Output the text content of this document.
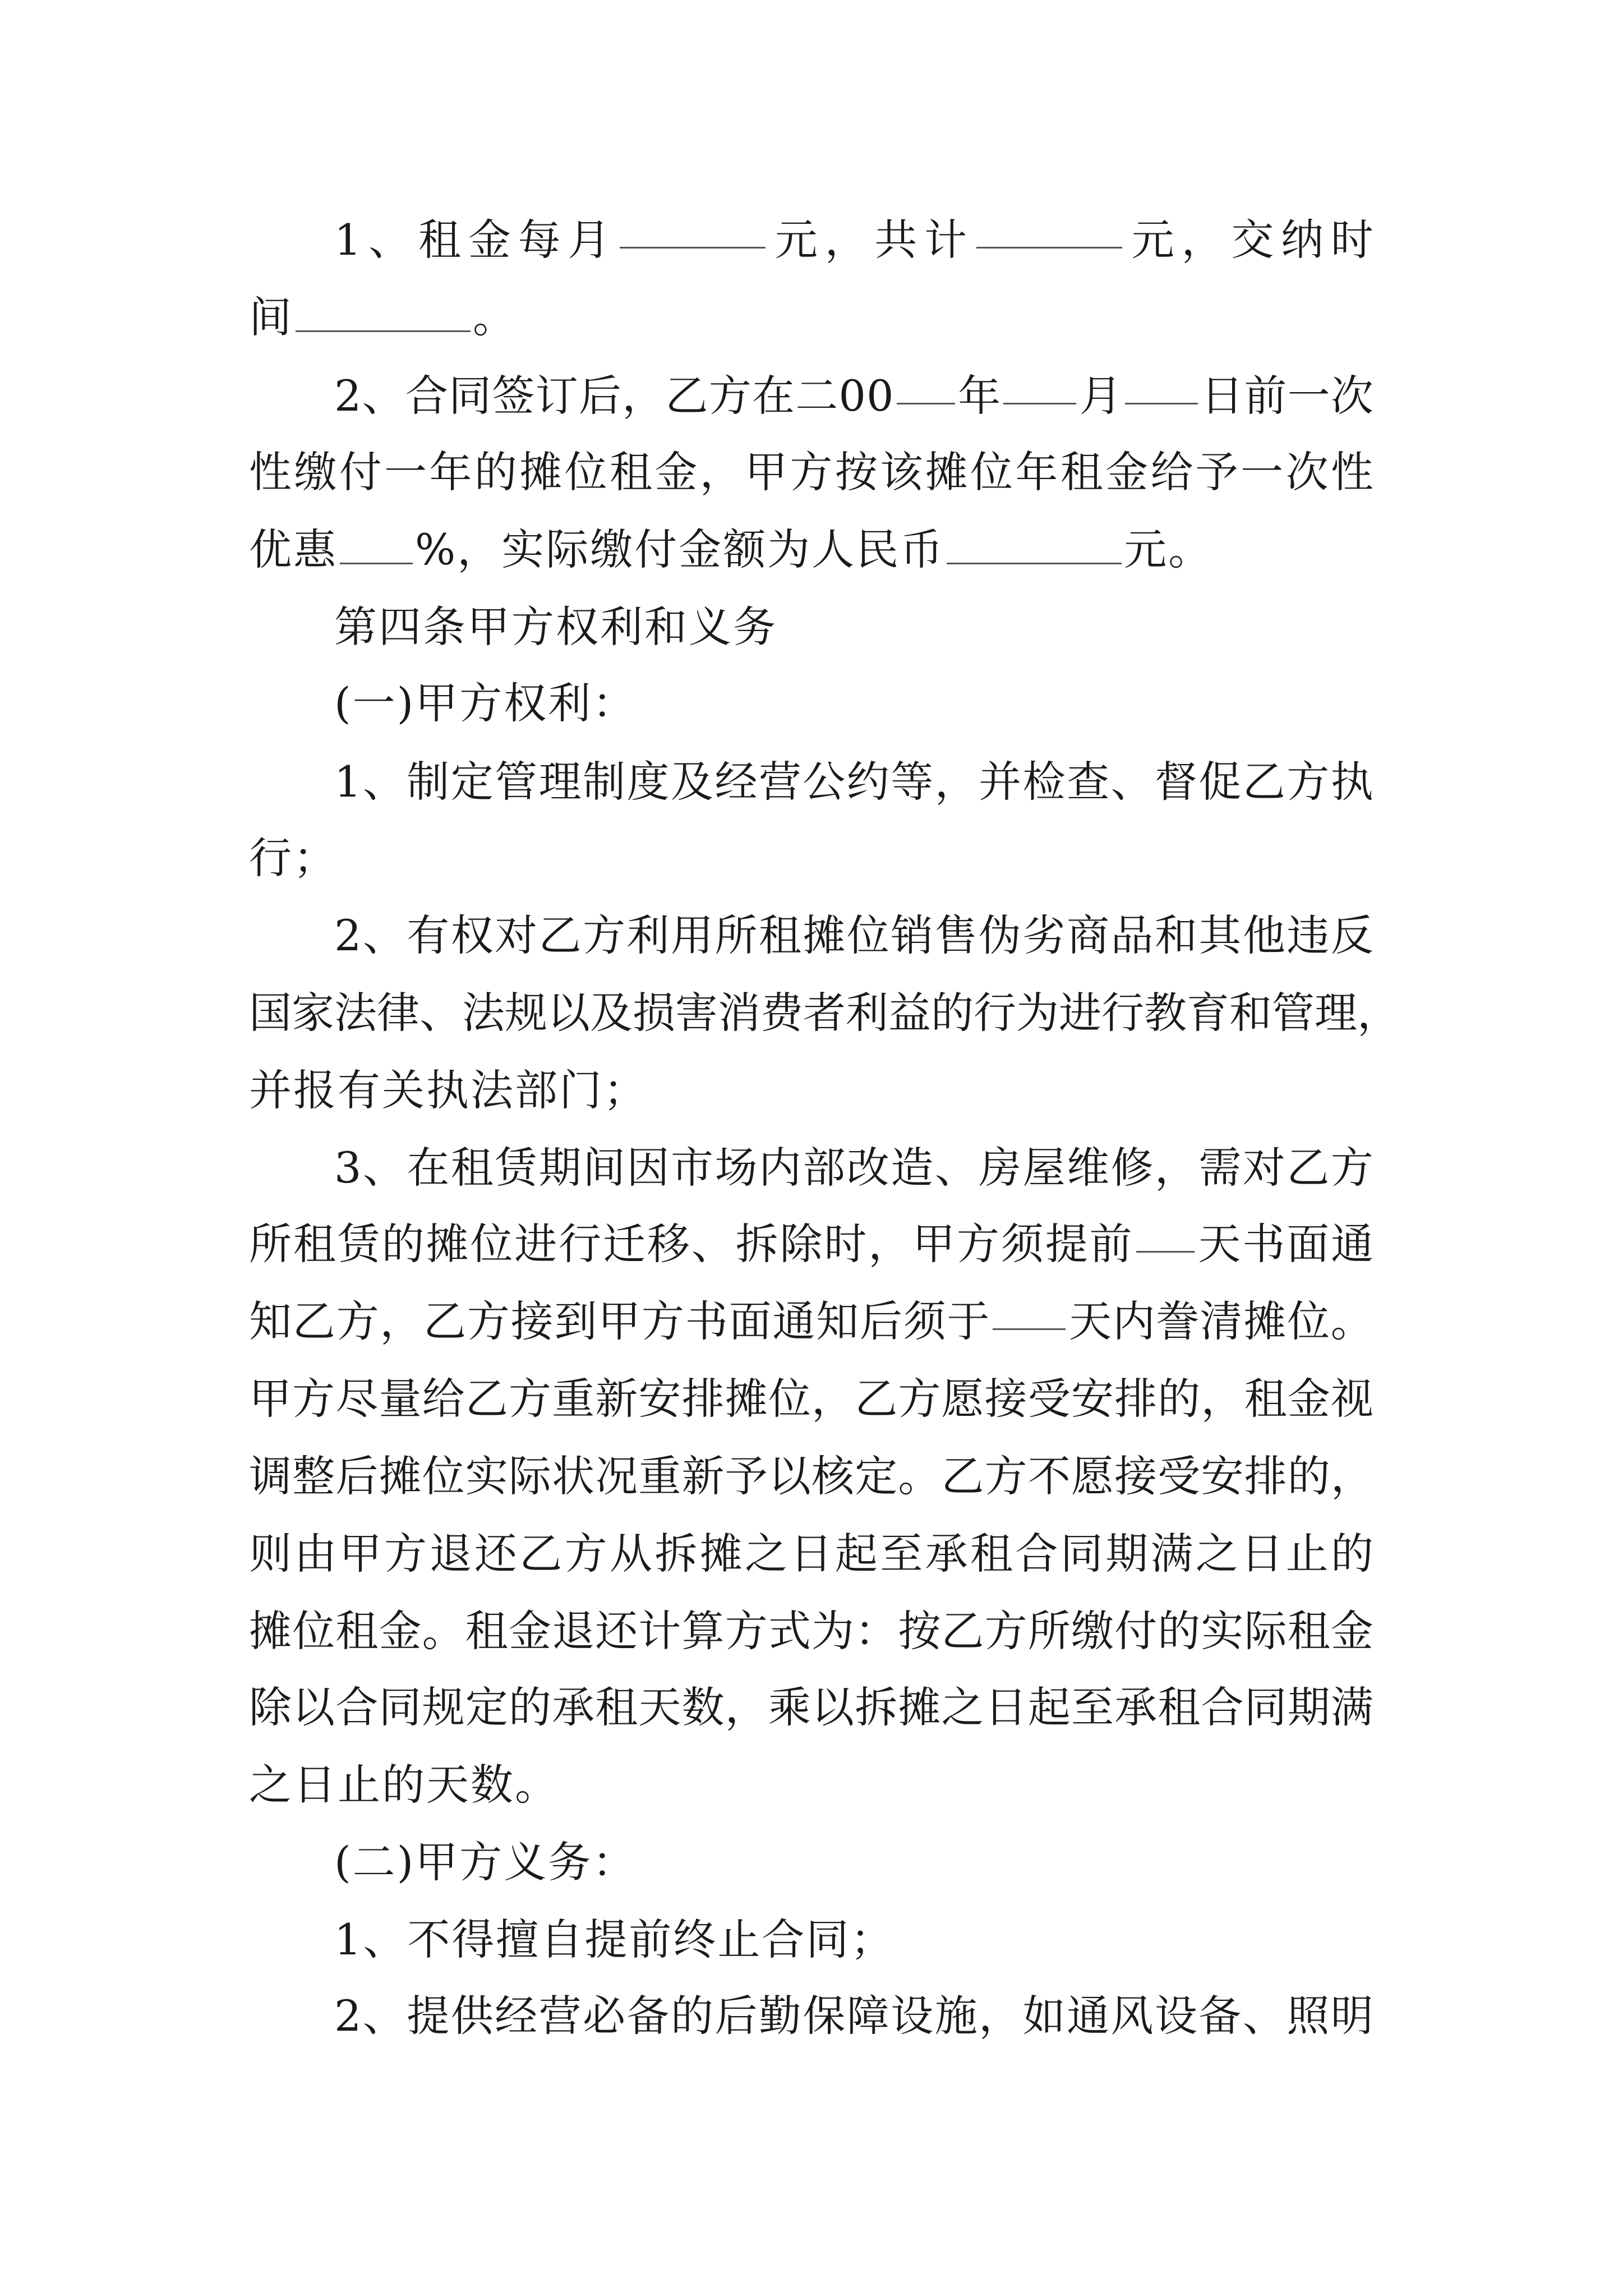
1 、 租 金 每 月	元 ， 共 计	元 ， 交 纳 时
间	。
2 、 合 同 签 订 后 ， 乙 方 在 二 0 0 年 月 日 前 一 次
性 缴 付 一 年 的 摊 位 租 金 ， 甲 方 按 该 摊 位 年 租 金 给 予 一 次 性
优惠 %，实际缴付金额为人民币	元。
第四条甲方权利和义务
(一)甲方权利：
1 、 制 定 管 理 制 度 及 经 营 公 约 等 ， 并 检 查 、 督 促 乙 方 执
行；
2 、 有 权 对 乙 方 利 用 所 租 摊 位 销 售 伪 劣 商 品 和 其 他 违 反
国 家 法 律 、 法 规 以 及 损 害 消 费 者 利 益 的 行 为 进 行 教 育 和 管 理 ，
并报有关执法部门；
3 、 在 租 赁 期 间 因 市 场 内 部 改 造 、 房 屋 维 修 ， 需 对 乙 方
所 租 赁 的 摊 位 进 行 迁 移 、 拆 除 时 ， 甲 方 须 提 前 天 书 面 通
知 乙 方 ， 乙 方 接 到 甲 方 书 面 通 知 后 须 于 天 内 誊 清 摊 位 。
甲 方 尽 量 给 乙 方 重 新 安 排 摊 位 ， 乙 方 愿 接 受 安 排 的 ， 租 金 视
调 整 后 摊 位 实 际 状 况 重 新 予 以 核 定 。 乙 方 不 愿 接 受 安 排 的 ，
则 由 甲 方 退 还 乙 方 从 拆 摊 之 日 起 至 承 租 合 同 期 满 之 日 止 的
摊 位 租 金 。 租 金 退 还 计 算 方 式 为 ： 按 乙 方 所 缴 付 的 实 际 租 金
除 以 合 同 规 定 的 承 租 天 数 ， 乘 以 拆 摊 之 日 起 至 承 租 合 同 期 满
之日止的天数。
(二)甲方义务：
1、不得擅自提前终止合同；
2 、 提 供 经 营 必 备 的 后 勤 保 障 设 施 ， 如 通 风 设 备 、 照 明
